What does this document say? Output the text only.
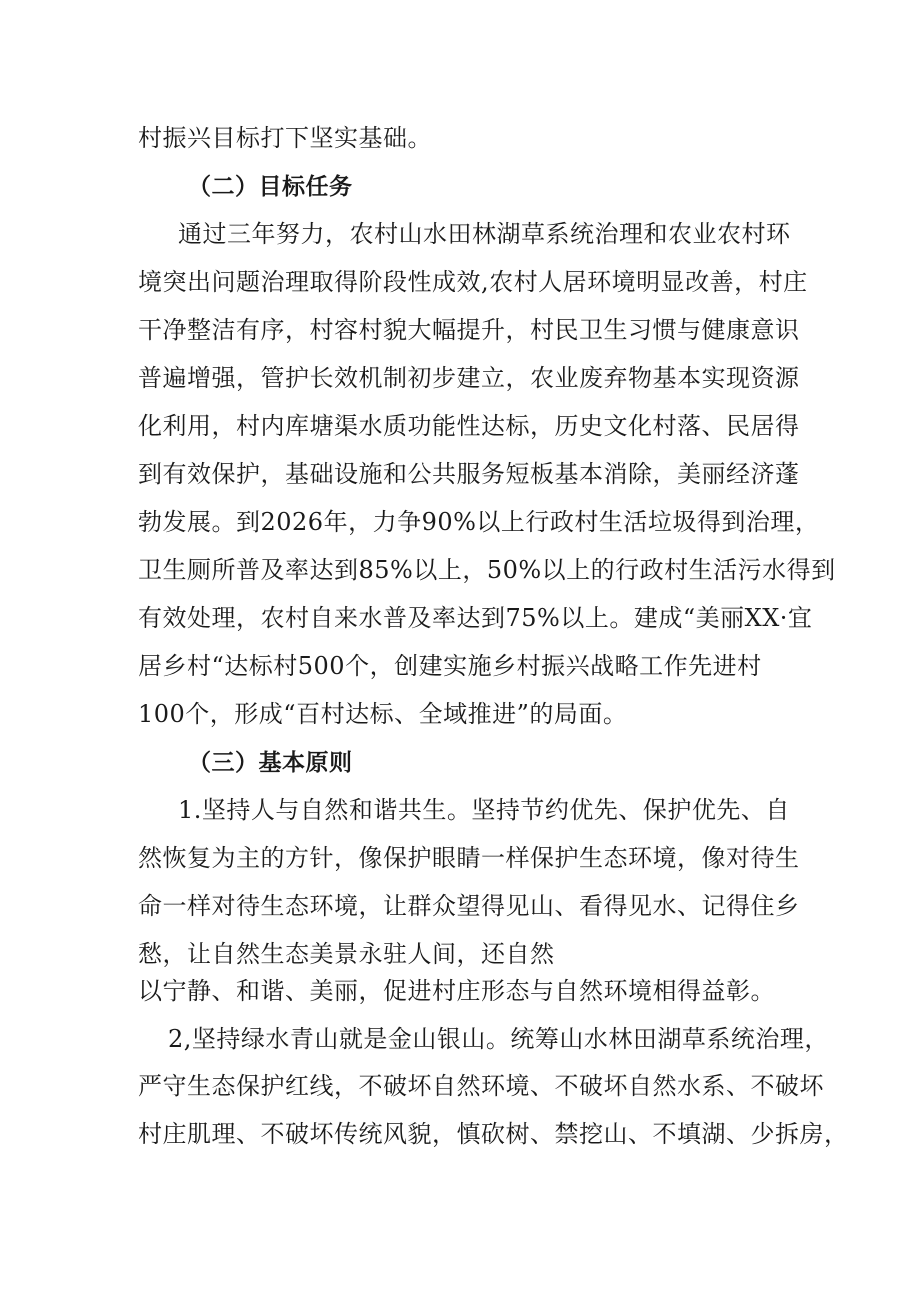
村振兴目标打下坚实基础。
（二）目标任务
通过三年努力，农村山水田林湖草系统治理和农业农村环
境突出问题治理取得阶段性成效,农村人居环境明显改善，村庄
干净整洁有序，村容村貌大幅提升，村民卫生习惯与健康意识
普遍增强，管护长效机制初步建立，农业废弃物基本实现资源
化利用，村内库塘渠水质功能性达标，历史文化村落、民居得
到有效保护，基础设施和公共服务短板基本消除，美丽经济蓬
勃发展。到2026年，力争90%以上行政村生活垃圾得到治理，
卫生厕所普及率达到85%以上，50%以上的行政村生活污水得到
有效处理，农村自来水普及率达到75%以上。建成“美丽XX·宜
居乡村“达标村500个，创建实施乡村振兴战略工作先进村
100个，形成“百村达标、全域推进”的局面。
（三）基本原则
1.坚持人与自然和谐共生。坚持节约优先、保护优先、自
然恢复为主的方针，像保护眼睛一样保护生态环境，像对待生
命一样对待生态环境，让群众望得见山、看得见水、记得住乡
愁，让自然生态美景永驻人间，还自然
以宁静、和谐、美丽，促进村庄形态与自然环境相得益彰。
2,坚持绿水青山就是金山银山。统筹山水林田湖草系统治理，
严守生态保护红线，不破坏自然环境、不破坏自然水系、不破坏
村庄肌理、不破坏传统风貌，慎砍树、禁挖山、不填湖、少拆房，
